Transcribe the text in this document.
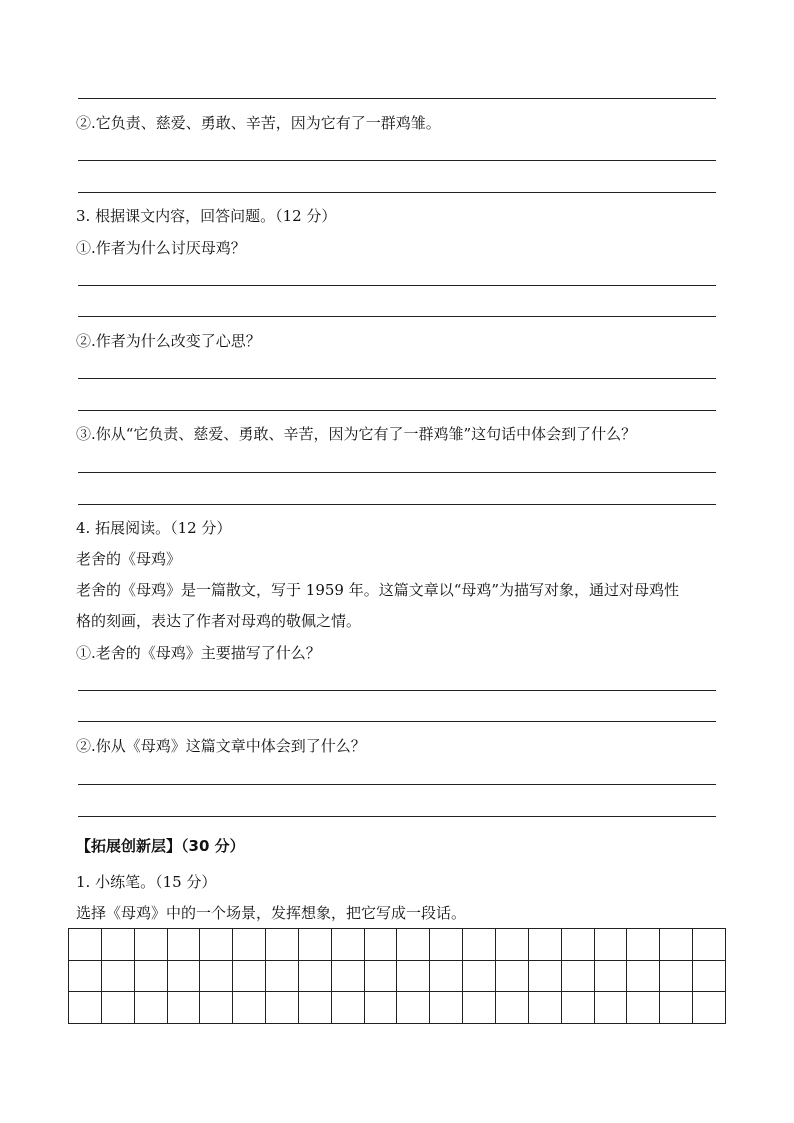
②.它负责、慈爱、勇敢、辛苦，因为它有了一群鸡雏。
3. 根据课文内容，回答问题。（12 分）
①.作者为什么讨厌母鸡？
②.作者为什么改变了心思？
③.你从“它负责、慈爱、勇敢、辛苦，因为它有了一群鸡雏”这句话中体会到了什么？
4. 拓展阅读。（12 分）
老舍的《母鸡》
老舍的《母鸡》是一篇散文，写于 1959 年。这篇文章以“母鸡”为描写对象，通过对母鸡性
格的刻画，表达了作者对母鸡的敬佩之情。
①.老舍的《母鸡》主要描写了什么？
②.你从《母鸡》这篇文章中体会到了什么？
【拓展创新层】（30 分）
1. 小练笔。（15 分）
选择《母鸡》中的一个场景，发挥想象，把它写成一段话。
